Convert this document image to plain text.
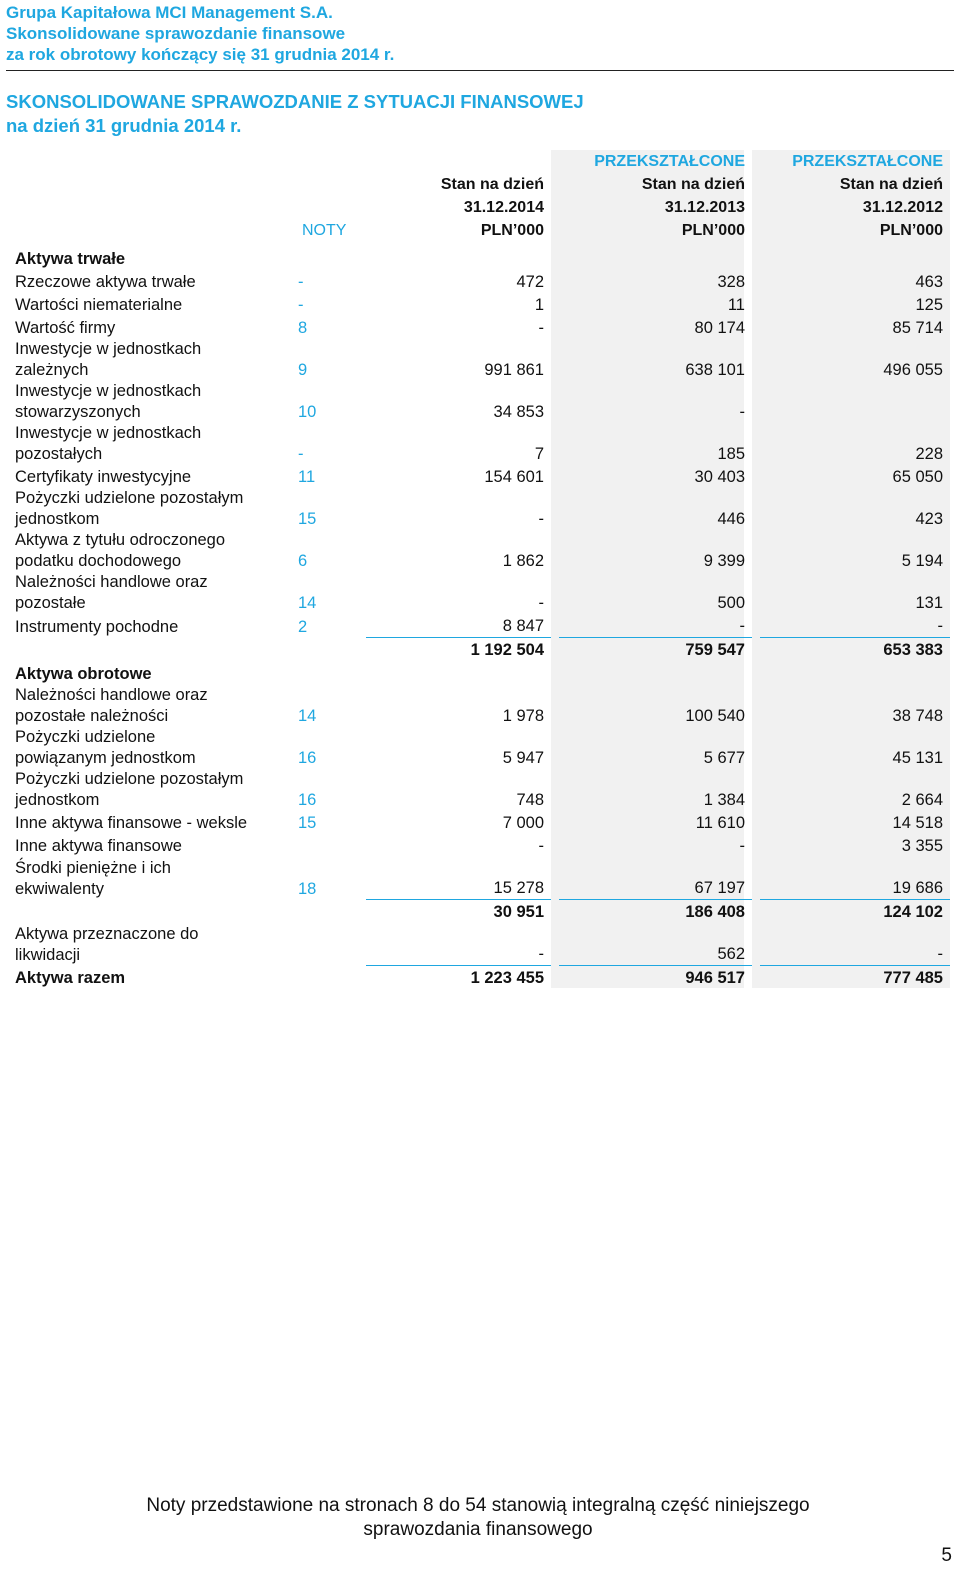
Grupa Kapitałowa MCI Management S.A.
Skonsolidowane sprawozdanie finansowe
za rok obrotowy kończący się 31 grudnia 2014 r.
SKONSOLIDOWANE SPRAWOZDANIE Z SYTUACJI FINANSOWEJ
na dzień 31 grudnia 2014 r.
				PRZEKSZTAŁCONE		PRZEKSZTAŁCONE
		Stan na dzień		Stan na dzień		Stan na dzień
		31.12.2014		31.12.2013		31.12.2012
	NOTY	PLN’000		PLN’000		PLN’000
Aktywa trwałe						
Rzeczowe aktywa trwałe	-	472		328		463
Wartości niematerialne	-	1		11		125
Wartość firmy	8	-		80 174		85 714

Inwestycje w jednostkach
zależnych	9	991 861		638 101		496 055

Inwestycje w jednostkach
stowarzyszonych	10	34 853		-		

Inwestycje w jednostkach
pozostałych	-	7		185		228
Certyfikaty inwestycyjne	11	154 601		30 403		65 050

Pożyczki udzielone pozostałym
jednostkom	15	-		446		423

Aktywa z tytułu odroczonego
podatku dochodowego	6	1 862		9 399		5 194

Należności handlowe oraz
pozostałe	14	-		500		131
Instrumenty pochodne	2	8 847		-		-
		1 192 504		759 547		653 383
Aktywa obrotowe						

Należności handlowe oraz
pozostałe należności	14	1 978		100 540		38 748

Pożyczki udzielone
powiązanym jednostkom	16	5 947		5 677		45 131

Pożyczki udzielone pozostałym
jednostkom	16	748		1 384		2 664
Inne aktywa finansowe - weksle	15	7 000		11 610		14 518
Inne aktywa finansowe		-		-		3 355

Środki pieniężne i ich
ekwiwalenty	18	15 278		67 197		19 686
		30 951		186 408		124 102

Aktywa przeznaczone do
likwidacji		-		562		-
Aktywa razem		1 223 455		946 517		777 485
Noty przedstawione na stronach 8 do 54 stanowią integralną część niniejszego
sprawozdania finansowego
5
